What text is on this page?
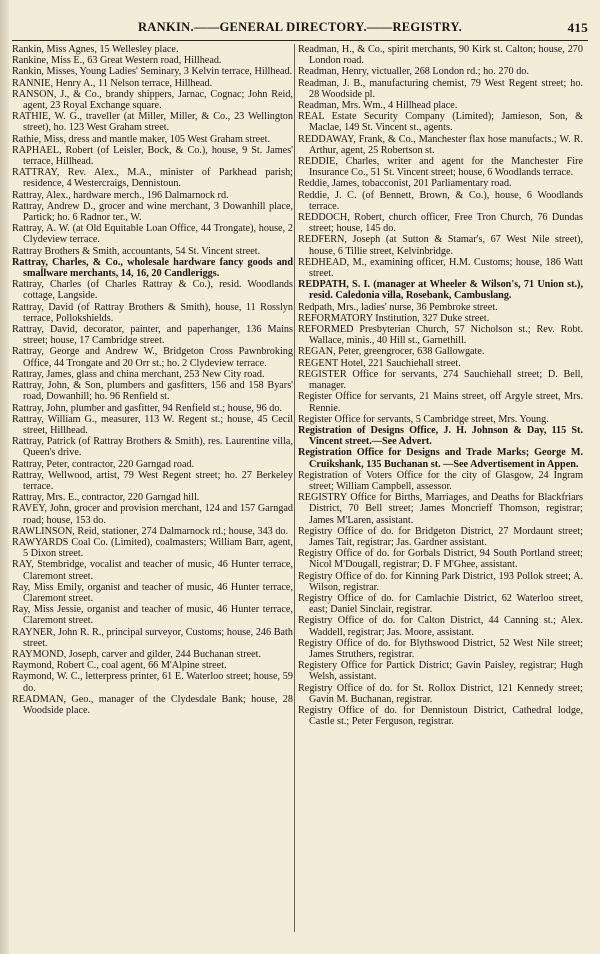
RANKIN.——GENERAL DIRECTORY.——REGISTRY.	415
Rankin, Miss Agnes, 15 Wellesley place.
Rankine, Miss E., 63 Great Western road, Hillhead.
Rankin, Misses, Young Ladies' Seminary, 3 Kelvin terrace, Hillhead.
RANNIE, Henry A., 11 Nelson terrace, Hillhead.
RANSON, J., & Co., brandy shippers, Jarnac, Cognac; John Reid, agent, 23 Royal Exchange square.
RATHIE, W. G., traveller (at Miller, Miller, & Co., 23 Wellington street), ho. 123 West Graham street.
Rathie, Miss, dress and mantle maker, 105 West Graham street.
RAPHAEL, Robert (of Leisler, Bock, & Co.), house, 9 St. James' terrace, Hillhead.
RATTRAY, Rev. Alex., M.A., minister of Parkhead parish; residence, 4 Westercraigs, Dennistoun.
Rattray, Alex., hardware merch., 196 Dalmarnock rd.
Rattray, Andrew D., grocer and wine merchant, 3 Dowanhill place, Partick; ho. 6 Radnor ter., W.
Rattray, A. W. (at Old Equitable Loan Office, 44 Trongate), house, 2 Clydeview terrace.
Rattray Brothers & Smith, accountants, 54 St. Vincent street.
Rattray, Charles, & Co., wholesale hardware fancy goods and smallware merchants, 14, 16, 20 Candleriggs.
Rattray, Charles (of Charles Rattray & Co.), resid. Woodlands cottage, Langside.
Rattray, David (of Rattray Brothers & Smith), house, 11 Rosslyn terrace, Pollokshields.
Rattray, David, decorator, painter, and paperhanger, 136 Mains street; house, 17 Cambridge street.
Rattray, George and Andrew W., Bridgeton Cross Pawnbroking Office, 44 Trongate and 20 Orr st.; ho. 2 Clydeview terrace.
Rattray, James, glass and china merchant, 253 New City road.
Rattray, John, & Son, plumbers and gasfitters, 156 and 158 Byars' road, Dowanhill; ho. 96 Renfield st.
Rattray, John, plumber and gasfitter, 94 Renfield st.; house, 96 do.
Rattray, William G., measurer, 113 W. Regent st.; house, 45 Cecil street, Hillhead.
Rattray, Patrick (of Rattray Brothers & Smith), res. Laurentine villa, Queen's drive.
Rattray, Peter, contractor, 220 Garngad road.
Rattray, Wellwood, artist, 79 West Regent street; ho. 27 Berkeley terrace.
Rattray, Mrs. E., contractor, 220 Garngad hill.
RAVEY, John, grocer and provision merchant, 124 and 157 Garngad road; house, 153 do.
RAWLINSON, Reid, stationer, 274 Dalmarnock rd.; house, 343 do.
RAWYARDS Coal Co. (Limited), coalmasters; William Barr, agent, 5 Dixon street.
RAY, Stembridge, vocalist and teacher of music, 46 Hunter terrace, Claremont street.
Ray, Miss Emily, organist and teacher of music, 46 Hunter terrace, Claremont street.
Ray, Miss Jessie, organist and teacher of music, 46 Hunter terrace, Claremont street.
RAYNER, John R. R., principal surveyor, Customs; house, 246 Bath street.
RAYMOND, Joseph, carver and gilder, 244 Buchanan street.
Raymond, Robert C., coal agent, 66 M'Alpine street.
Raymond, W. C., letterpress printer, 61 E. Waterloo street; house, 59 do.
READMAN, Geo., manager of the Clydesdale Bank; house, 28 Woodside place.
Readman, H., & Co., spirit merchants, 90 Kirk st. Calton; house, 270 London road.
Readman, Henry, victualler, 268 London rd.; ho. 270 do.
Readman, J. B., manufacturing chemist, 79 West Regent street; ho. 28 Woodside pl.
Readman, Mrs. Wm., 4 Hillhead place.
REAL Estate Security Company (Limited); Jamieson, Son, & Maclae, 149 St. Vincent st., agents.
REDDAWAY, Frank, & Co., Manchester flax hose manufacts.; W. R. Arthur, agent, 25 Robertson st.
REDDIE, Charles, writer and agent for the Manchester Fire Insurance Co., 51 St. Vincent street; house, 6 Woodlands terrace.
Reddie, James, tobacconist, 201 Parliamentary road.
Reddie, J. C. (of Bennett, Brown, & Co.), house, 6 Woodlands terrace.
REDDOCH, Robert, church officer, Free Tron Church, 76 Dundas street; house, 145 do.
REDFERN, Joseph (at Sutton & Stamar's, 67 West Nile street), house, 6 Tillie street, Kelvinbridge.
REDHEAD, M., examining officer, H.M. Customs; house, 186 Watt street.
REDPATH, S. I. (manager at Wheeler & Wilson's, 71 Union st.), resid. Caledonia villa, Rosebank, Cambuslang.
Redpath, Mrs., ladies' nurse, 36 Pembroke street.
REFORMATORY Institution, 327 Duke street.
REFORMED Presbyterian Church, 57 Nicholson st.; Rev. Robt. Wallace, minis., 40 Hill st., Garnethill.
REGAN, Peter, greengrocer, 638 Gallowgate.
REGENT Hotel, 221 Sauchiehall street.
REGISTER Office for servants, 274 Sauchiehall street; D. Bell, manager.
Register Office for servants, 21 Mains street, off Argyle street, Mrs. Rennie.
Register Office for servants, 5 Cambridge street, Mrs. Young.
Registration of Designs Office, J. H. Johnson & Day, 115 St. Vincent street.—See Advert.
Registration Office for Designs and Trade Marks; George M. Cruikshank, 135 Buchanan st. —See Advertisement in Appen.
Registration of Voters Office for the city of Glasgow, 24 Ingram street; William Campbell, assessor.
REGISTRY Office for Births, Marriages, and Deaths for Blackfriars District, 70 Bell street; James Moncrieff Thomson, registrar; James M'Laren, assistant.
Registry Office of do. for Bridgeton District, 27 Mordaunt street; James Tait, registrar; Jas. Gardner assistant.
Registry Office of do. for Gorbals District, 94 South Portland street; Nicol M'Dougall, registrar; D. F M'Ghee, assistant.
Registry Office of do. for Kinning Park District, 193 Pollok street; A. Wilson, registrar.
Registry Office of do. for Camlachie District, 62 Waterloo street, east; Daniel Sinclair, registrar.
Registry Office of do. for Calton District, 44 Canning st.; Alex. Waddell, registrar; Jas. Moore, assistant.
Registry Office of do. for Blythswood District, 52 West Nile street; James Struthers, registrar.
Registery Office for Partick District; Gavin Paisley, registrar; Hugh Welsh, assistant.
Registry Office of do. for St. Rollox District, 121 Kennedy street; Gavin M. Buchanan, registrar.
Registry Office of do. for Dennistoun District, Cathedral lodge, Castle st.; Peter Ferguson, registrar.
